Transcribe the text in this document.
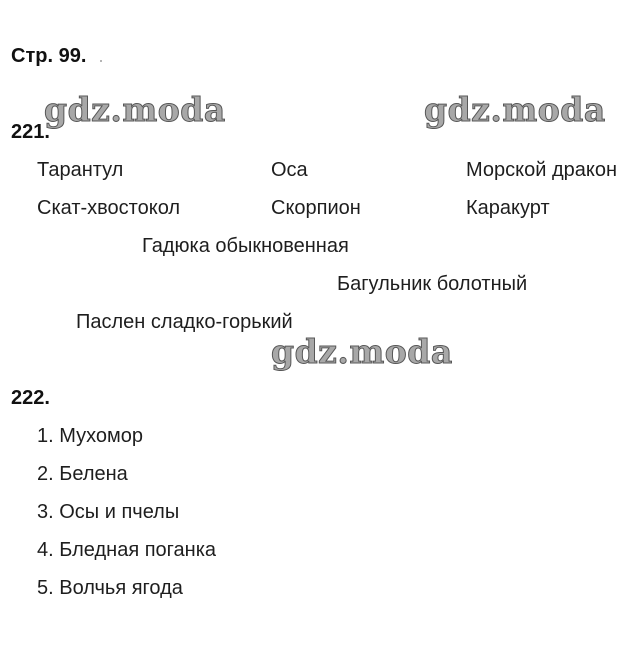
Стр. 99.
221.
Тарантул	Оса	Морской дракон
Скат-хвостокол	Скорпион	Каракурт
Гадюка обыкновенная
Багульник болотный
Паслен сладко-горький
222.
1. Мухомор
2. Белена
3. Осы и пчелы
4. Бледная поганка
5. Волчья ягода
gdz.moda	gdz.moda
gdz.moda
